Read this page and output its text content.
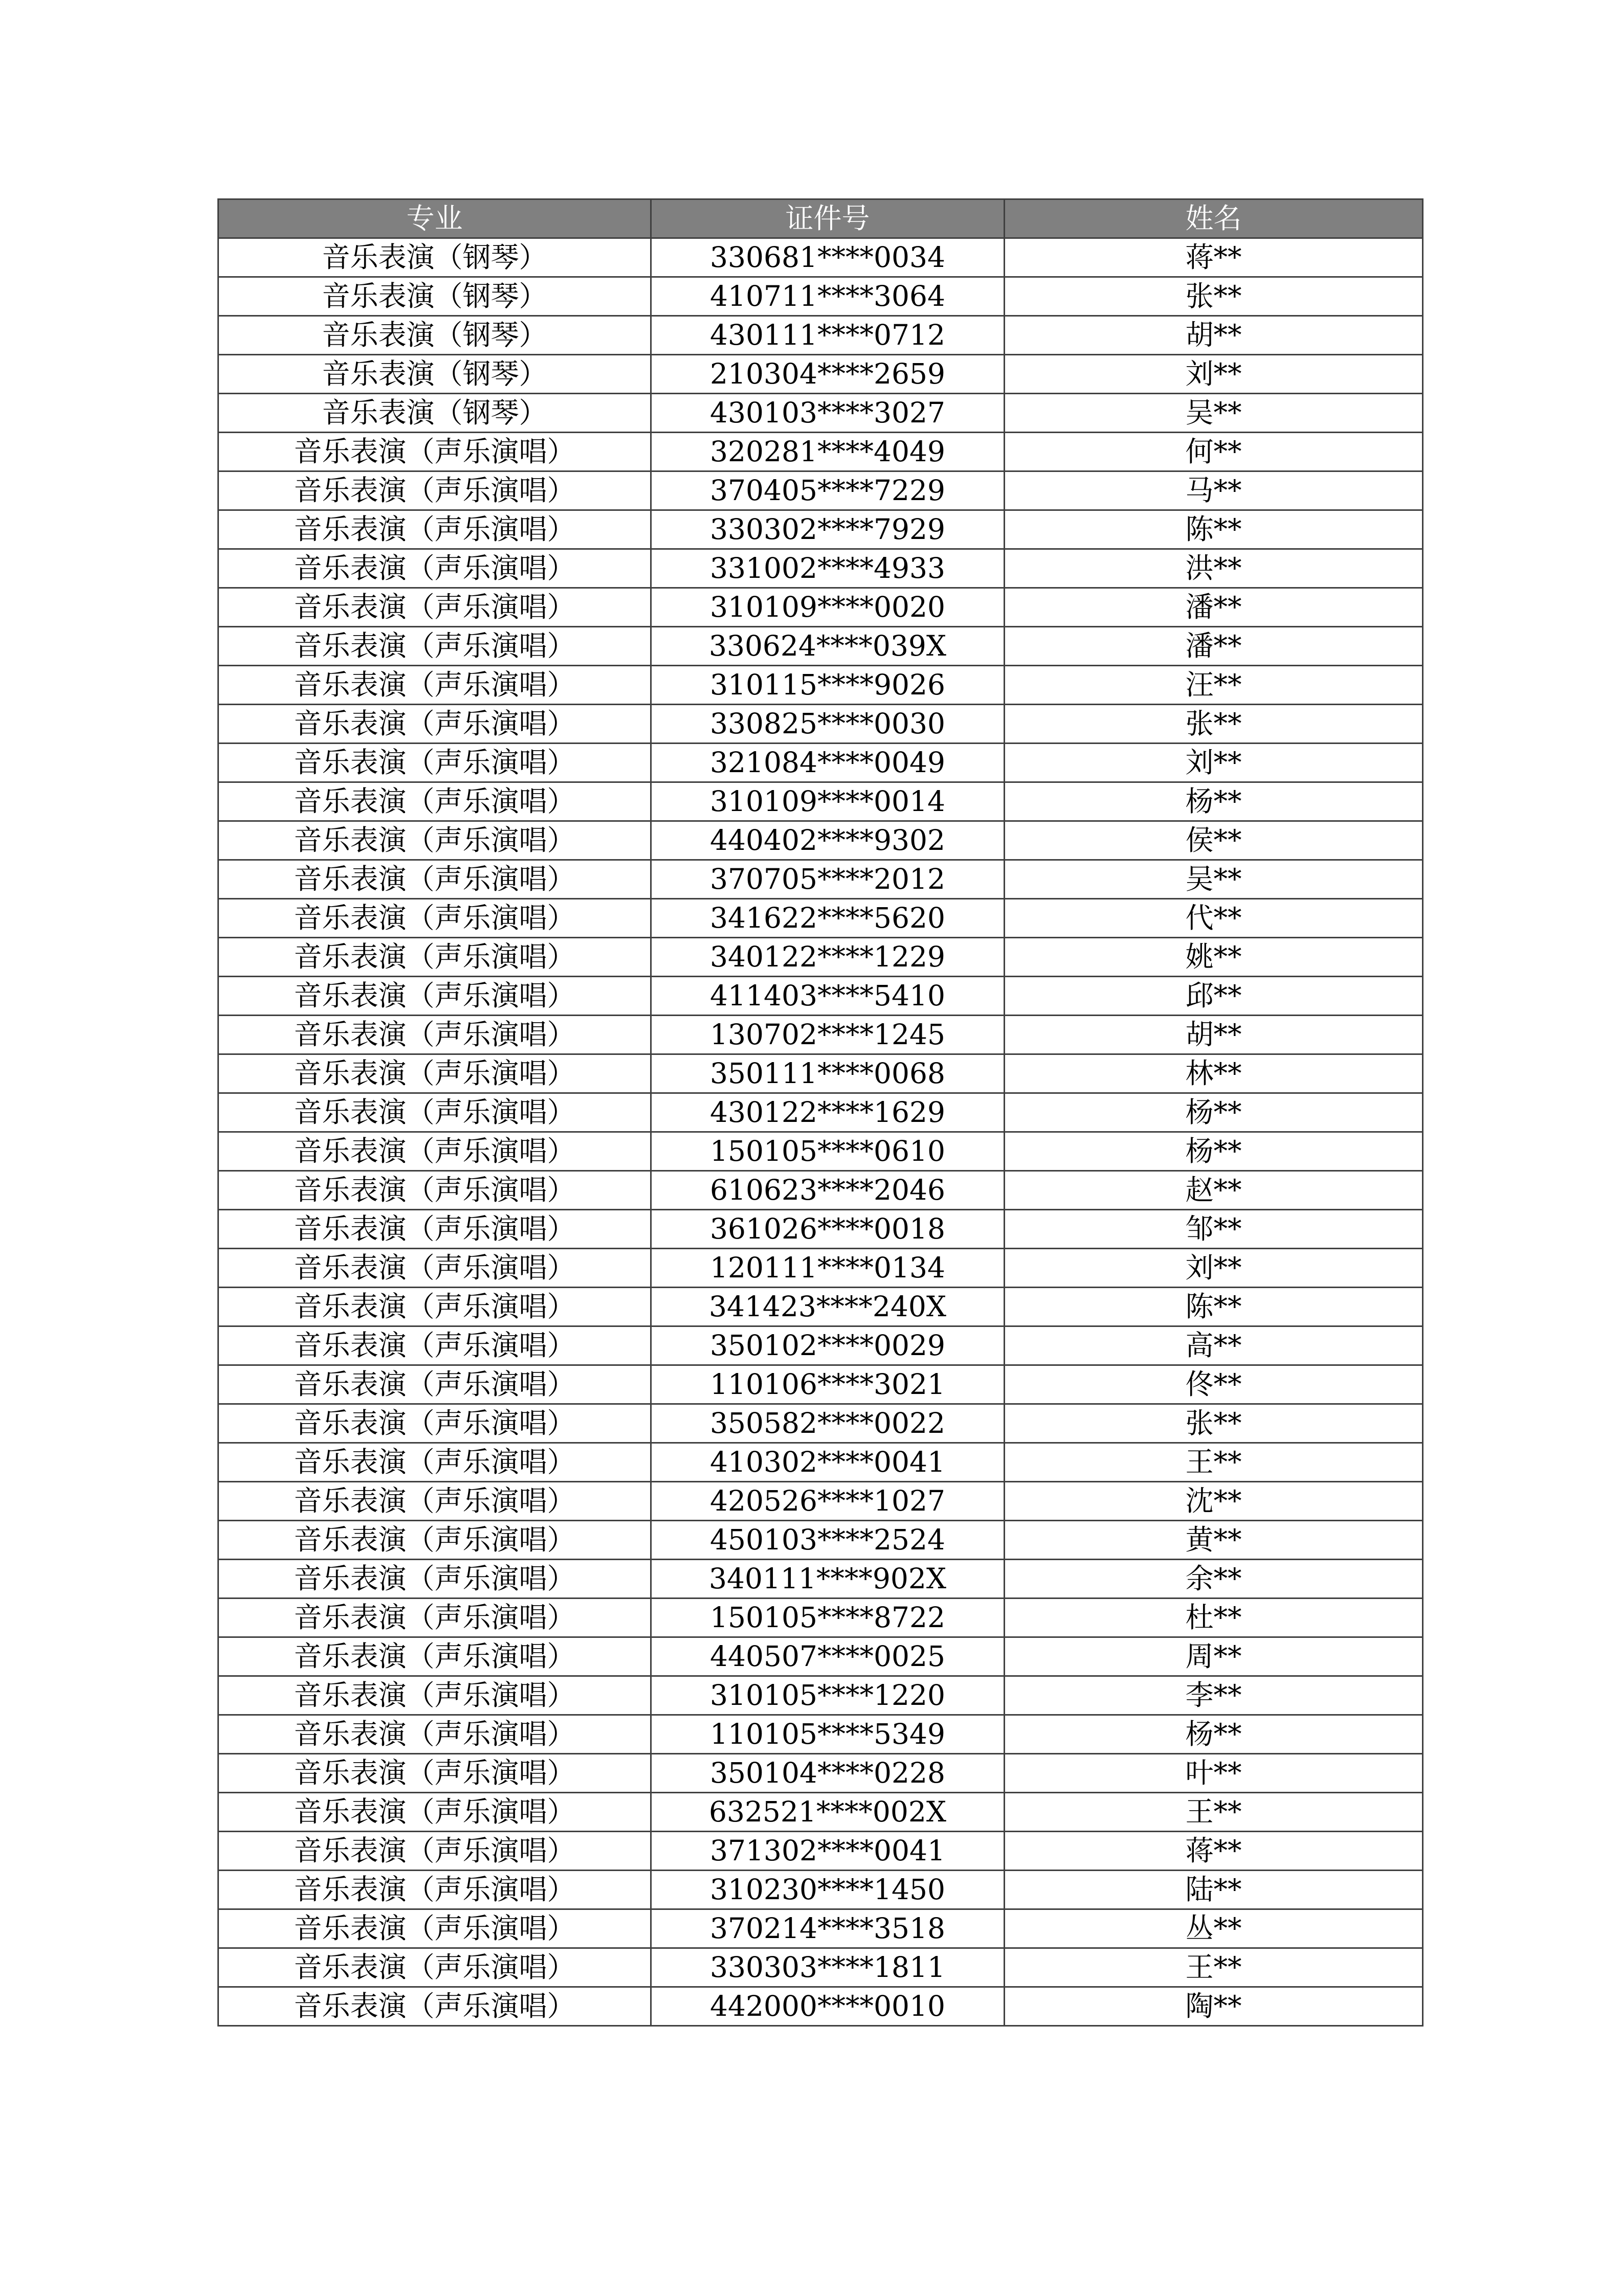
专业	证件号	姓名
音乐表演（钢琴）	330681****0034	蒋**
音乐表演（钢琴）	410711****3064	张**
音乐表演（钢琴）	430111****0712	胡**
音乐表演（钢琴）	210304****2659	刘**
音乐表演（钢琴）	430103****3027	吴**
音乐表演（声乐演唱）	320281****4049	何**
音乐表演（声乐演唱）	370405****7229	马**
音乐表演（声乐演唱）	330302****7929	陈**
音乐表演（声乐演唱）	331002****4933	洪**
音乐表演（声乐演唱）	310109****0020	潘**
音乐表演（声乐演唱）	330624****039X	潘**
音乐表演（声乐演唱）	310115****9026	汪**
音乐表演（声乐演唱）	330825****0030	张**
音乐表演（声乐演唱）	321084****0049	刘**
音乐表演（声乐演唱）	310109****0014	杨**
音乐表演（声乐演唱）	440402****9302	侯**
音乐表演（声乐演唱）	370705****2012	吴**
音乐表演（声乐演唱）	341622****5620	代**
音乐表演（声乐演唱）	340122****1229	姚**
音乐表演（声乐演唱）	411403****5410	邱**
音乐表演（声乐演唱）	130702****1245	胡**
音乐表演（声乐演唱）	350111****0068	林**
音乐表演（声乐演唱）	430122****1629	杨**
音乐表演（声乐演唱）	150105****0610	杨**
音乐表演（声乐演唱）	610623****2046	赵**
音乐表演（声乐演唱）	361026****0018	邹**
音乐表演（声乐演唱）	120111****0134	刘**
音乐表演（声乐演唱）	341423****240X	陈**
音乐表演（声乐演唱）	350102****0029	高**
音乐表演（声乐演唱）	110106****3021	佟**
音乐表演（声乐演唱）	350582****0022	张**
音乐表演（声乐演唱）	410302****0041	王**
音乐表演（声乐演唱）	420526****1027	沈**
音乐表演（声乐演唱）	450103****2524	黄**
音乐表演（声乐演唱）	340111****902X	余**
音乐表演（声乐演唱）	150105****8722	杜**
音乐表演（声乐演唱）	440507****0025	周**
音乐表演（声乐演唱）	310105****1220	李**
音乐表演（声乐演唱）	110105****5349	杨**
音乐表演（声乐演唱）	350104****0228	叶**
音乐表演（声乐演唱）	632521****002X	王**
音乐表演（声乐演唱）	371302****0041	蒋**
音乐表演（声乐演唱）	310230****1450	陆**
音乐表演（声乐演唱）	370214****3518	丛**
音乐表演（声乐演唱）	330303****1811	王**
音乐表演（声乐演唱）	442000****0010	陶**
